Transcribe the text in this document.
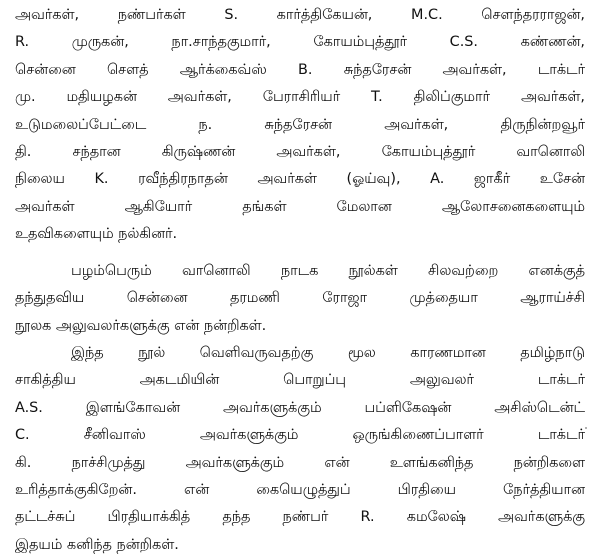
அவர்கள், நண்பர்கள் S. கார்த்திகேயன், M.C. சௌந்தரராஜன்,
R. முருகன், நா.சாந்தகுமார், கோயம்புத்தூர் C.S. கண்ணன்,
சென்னை சௌத் ஆர்க்கைவ்ஸ் B. சுந்தரேசன் அவர்கள், டாக்டர்
மு. மதியழகன் அவர்கள், பேராசிரியர் T. திலிப்குமார் அவர்கள்,
உடுமலைப்பேட்டை ந. சுந்தரேசன் அவர்கள், திருநின்றவூர்
தி. சந்தான கிருஷ்ணன் அவர்கள், கோயம்புத்தூர் வானொலி
நிலைய K. ரவீந்திரநாதன் அவர்கள் (ஓய்வு), A. ஜாகீர் உசேன்
அவர்கள் ஆகியோர் தங்கள் மேலான ஆலோசனைகளையும்
உதவிகளையும் நல்கினர்.
பழம்பெரும் வானொலி நாடக நூல்கள் சிலவற்றை எனக்குத்
தந்துதவிய சென்னை தரமணி ரோஜா முத்தையா ஆராய்ச்சி
நூலக அலுவலர்களுக்கு என் நன்றிகள்.
இந்த நூல் வெளிவருவதற்கு மூல காரணமான தமிழ்நாடு
சாகித்திய அகடமியின் பொறுப்பு அலுவலர் டாக்டர்
A.S. இளங்கோவன் அவர்களுக்கும் பப்ளிகேஷன் அசிஸ்டென்ட்
C. சீனிவாஸ் அவர்களுக்கும் ஒருங்கிணைப்பாளர் டாக்டர்
கி. நாச்சிமுத்து அவர்களுக்கும் என் உளங்கனிந்த நன்றிகளை
உரித்தாக்குகிறேன். என் கையெழுத்துப் பிரதியை நேர்த்தியான
தட்டச்சுப் பிரதியாக்கித் தந்த நண்பர் R. கமலேஷ் அவர்களுக்கு
இதயம் கனிந்த நன்றிகள்.
